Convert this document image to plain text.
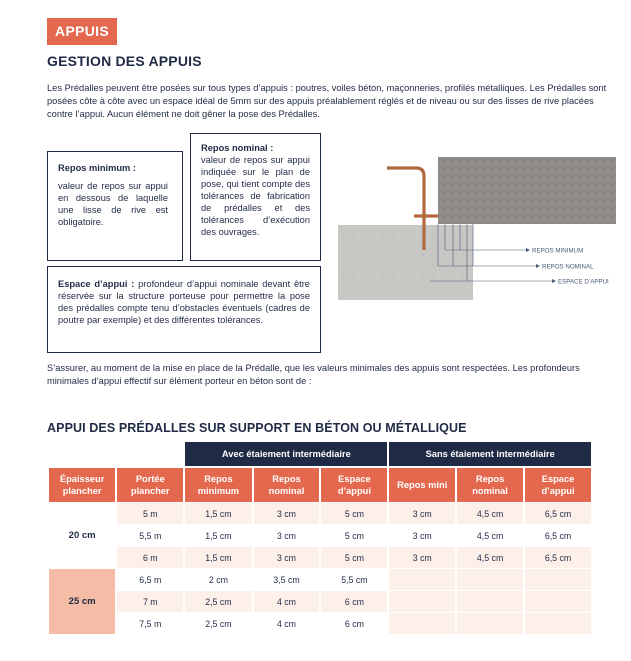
APPUIS
GESTION DES APPUIS
Les Prédalles peuvent être posées sur tous types d’appuis : poutres, voiles béton, maçonneries, profilés métalliques. Les Prédalles sont posées côte à côte avec un espace idéal de 5mm sur des appuis préalablement réglés et de niveau ou sur des lisses de rive placées contre l’appui. Aucun élément ne doit gêner la pose des Prédalles.
Repos minimum :
valeur de repos sur appui en dessous de laquelle une lisse de rive est obligatoire.
Repos nominal :
valeur de repos sur appui indiquée sur le plan de pose, qui tient compte des tolérances de fabrication de prédalles et des tolérances d’exécution des ouvrages.
Espace d’appui : profondeur d’appui nominale devant être réservée sur la structure porteuse pour permettre la pose des prédalles compte tenu d’obstacles éventuels (cadres de poutre par exemple) et des différentes tolérances.
REPOS MINIMUM
REPOS NOMINAL
ESPACE D’APPUI
S’assurer, au moment de la mise en place de la Prédalle, que les valeurs minimales des appuis sont respectées. Les profondeurs minimales d’appui effectif sur élément porteur en béton sont de :
APPUI DES PRÉDALLES SUR SUPPORT EN BÉTON OU MÉTALLIQUE
		Avec étaiement intermédiaire			Sans étaiement intermédiaire		
Épaisseur plancher	Portée plancher	Repos minimum	Repos nominal	Espace d’appui	Repos mini	Repos nominal	Espace d’appui
20 cm	5 m	1,5 cm	3 cm	5 cm	3 cm	4,5 cm	6,5 cm
	5,5 m	1,5 cm	3 cm	5 cm	3 cm	4,5 cm	6,5 cm
	6 m	1,5 cm	3 cm	5 cm	3 cm	4,5 cm	6,5 cm
25 cm	6,5 m	2 cm	3,5 cm	5,5 cm			
	7 m	2,5 cm	4 cm	6 cm			
	7,5 m	2,5 cm	4 cm	6 cm			
